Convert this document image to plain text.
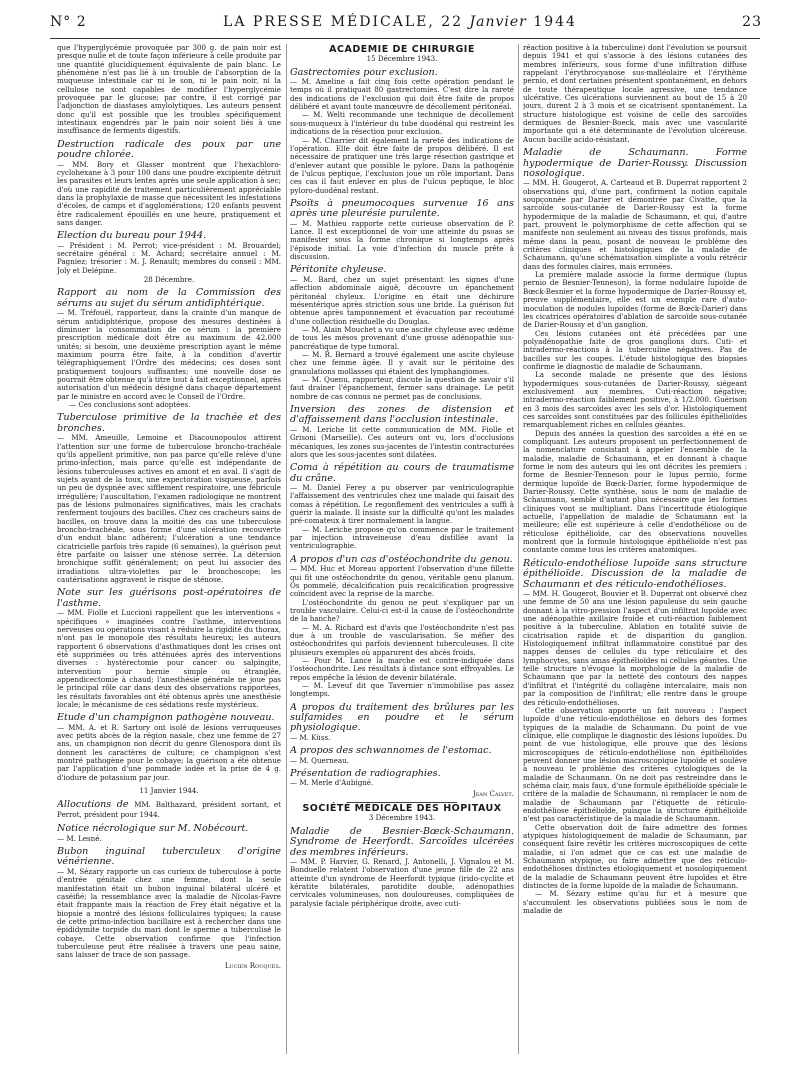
N° 2	LA PRESSE MÉDICALE, 22 Janvier 1944	23

que l'hyperglycémie provoquée par 300 g. de pain noir est presque nulle et de toute façon inférieure à celle produite par une quantité glucidiquement équivalente de pain blanc. Le phénomène n'est pas lié à un trouble de l'absorption de la muqueuse intestinale car ni le son, ni le pain noir, ni la cellulose ne sont capables de modifier l'hyperglycémie provoquée par le glucose; par contre, il est corrigé par l'adjonction de diastases amylolytiques. Les auteurs pensent donc qu'il est possible que les troubles spécifiquement intestinaux engendrés par le pain noir soient liés à une insuffisance de ferments digestifs.

Destruction radicale des poux par une poudre chlorée.

— MM. Bory et Glasser montrent que l'hexachloro-cyclohexane à 3 pour 100 dans une poudre excipiente détruit les parasites et leurs lentes après une seule application à sec; d'où une rapidité de traitement particulièrement appréciable dans la prophylaxie de masse que nécessitent les infestations d'écoles, de camps et d'agglomérations; 120 enfants peuvent être radicalement épouillés en une heure, pratiquement et sans danger.

Election du bureau pour 1944.

— Président : M. Perrot; vice-président : M. Brouardel; secrétaire général : M. Achard; secrétaire annuel : M. Pagniez; trésorier : M. J. Renault; membres du conseil : MM. Joly et Delépine.

28 Décembre.
Rapport au nom de la Commission des sérums au sujet du sérum antidiphtérique.

— M. Tréfouël, rapporteur, dans la crainte d'un manque de sérum antidiphtérique, propose des mesures destinées à diminuer la consommation de ce sérum : la première prescription médicale doit être au maximum de 42.000 unités; si besoin, une deuxième prescription ayant le même maximum pourra être faite, à la condition d'avertir télégraphiquement l'Ordre des médecins; ces doses sont pratiquement toujours suffisantes; une nouvelle dose ne pourrait être obtenue qu'à titre tout à fait exceptionnel, après autorisation d'un médecin désigné dans chaque département par le ministre en accord avec le Conseil de l'Ordre.

— Ces conclusions sont adoptées.

Tuberculose primitive de la trachée et des bronches.

— MM. Ameuille, Lemoine et Diacounopoulos attirent l'attention sur une forme de tuberculose broncho-trachéale qu'ils appellent primitive, non pas parce qu'elle relève d'une primo-infection, mais parce qu'elle est indépendante de lésions tuberculeuses actives en amont et en aval. Il s'agit de sujets ayant de la toux, une expectoration visqueuse, parfois un peu de dyspnée avec sifflement respiratoire, une fébricule irrégulière; l'auscultation, l'examen radiologique ne montrent pas de lésions pulmonaires significatives, mais les crachats renferment toujours des bacilles. Chez ces cracheurs sains de bacilles, on trouve dans la moitié des cas une tuberculose broncho-trachéale, sous forme d'une ulcération recouverte d'un enduit blanc adhérent; l'ulcération a une tendance cicatricielle parfois très rapide (6 semaines), la guérison peut être parfaite ou laisser une sténose serrée. La détersion bronchique suffit généralement; on peut lui associer des irradiations ultra-violettes par le bronchoscope; les cautérisations aggravent le risque de sténose.

Note sur les guérisons post-opératoires de l'asthme.

— MM. Fiolle et Luccioni rappellent que les interventions « spécifiques » imaginées contre l'asthme, interventions nerveuses ou opérations visant à réduire la rigidité du thorax, n'ont pas le monopole des résultats heureux; les auteurs rapportent 6 observations d'asthmatiques dont les crises ont été supprimées ou très atténuées après des interventions diverses : hystérectomie pour cancer ou salpingite, intervention pour hernie simple ou étranglée, appendicectomie à chaud; l'anesthésie générale ne joue pas le principal rôle car dans deux des observations rapportées, les résultats favorables ont été obtenus après une anesthésie locale; le mécanisme de ces sédations reste mystérieux.

Etude d'un champignon pathogène nouveau.

— MM. A. et R. Sartory ont isolé de lésions verruqueuses avec petits abcès de la région nasale, chez une femme de 27 ans, un champignon non décrit du genre Glenospora dont ils donnent les caractères de culture; ce champignon s'est montré pathogène pour le cobaye; la guérison a été obtenue par l'application d'une pommade iodée et la prise de 4 g. d'iodure de potassium par jour.

11 Janvier 1944.
Allocutions de MM. Balthazard, président sortant, et Perrot, président pour 1944.
Notice nécrologique sur M. Nobécourt.

— M. Lesné.

Bubon inguinal tuberculeux d'origine vénérienne.

— M. Sézary rapporte un cas curieux de tuberculose à porte d'entrée génitale chez une femme, dont la seule manifestation était un bubon inguinal bilatéral ulcéré et caséifié; la ressemblance avec la maladie de Nicolas-Favre était frappante mais la réaction de Frey était négative et la biopsie a montré des lésions folliculaires typiques; la cause de cette primo-infection bacillaire est à rechercher dans une épididymite torpide du mari dont le sperme a tuberculisé le cobaye. Cette observation confirme que l'infection tuberculeuse peut être réalisée à travers une peau saine, sans laisser de trace de son passage.

Lucien Rouquès.
ACADÉMIE DE CHIRURGIE
15 Décembre 1943.
Gastrectomies pour exclusion.

— M. Ameline a fait cinq fois cette opération pendant le temps où il pratiquait 80 gastrectomies. C'est dire la rareté des indications de l'exclusion qui doit être faite de propos délibéré et avant toute manœuvre de décollement péritonéal.

— M. Welti recommande une technique de décollement sous-muqueux à l'intérieur du tube duodénal qui restreint les indications de la résection pour exclusion.

— M. Charrier dit également la rareté des indications de l'opération. Elle doit être faite de propos délibéré. Il est nécessaire de pratiquer une très large résection gastrique et d'enlever autant que possible le pylore. Dans la pathogénie de l'ulcus peptique, l'exclusion joue un rôle important. Dans ces cas il faut enlever en plus de l'ulcus peptique, le bloc pyloro-duodénal restant.

Psoïts à pneumocoques survenue 16 ans après une pleurésie purulente.

— M. Mathieu rapporte cette curieuse observation de P. Lance. Il est exceptionnel de voir une atteinte du psoas se manifester sous la forme chronique si longtemps après l'épisode initial. La voie d'infection du muscle prête à discussion.

Péritonite chyleuse.

— M. Bard, chez un sujet présentant les signes d'une affection abdominale aiguë, découvre un épanchement péritonéal chyleux. L'origine en était une déchirure mésentérique après striction sous une bride. La guérison fut obtenue après tamponnement et évacuation par recoutumé d'une collection résiduelle du Douglas.

— M. Alain Mouchet a vu une ascite chyleuse avec œdème de tous les mésos provenant d'une grosse adénopathie sus-pancréatique de type tumoral.

— M. R. Bernard a trouvé également une ascite chyleuse chez une femme âgée. Il y avait sur le péritoine des granulations mollasses qui étaient des lymphangiomes.

— M. Quenu, rapporteur, discute la question de savoir s'il faut drainer l'épanchement, fermer sans drainage. Le petit nombre de cas connus ne permet pas de conclusions.

Inversion des zones de distension et d'affaissement dans l'occlusion intestinale.

— M. Leriche lit cette communication de MM. Fiolle et Grisoni (Marseille). Ces auteurs ont vu, lors d'occlusions mécaniques, les zones sus-jacentes de l'intestin contracturées alors que les sous-jacentes sont dilatées.

Coma à répétition au cours de traumatisme du crâne.

— M. Daniel Ferey a pu observer par ventriculographie l'affaissement des ventricules chez une malade qui faisait des comas à répétition. Le regonflement des ventricules a suffi à guérir la malade. Il insiste sur la difficulté qu'ont les malades pré-comateux à tirer normalement la langue.

— M. Leriche propose qu'on commence par le traitement par injection intraveineuse d'eau distillée avant la ventriculographie.

A propos d'un cas d'ostéochondrite du genou.

— MM. Huc et Moreau apportent l'observation d'une fillette qui fit une ostéochondrite du genou, véritable genu planum. Os pommelé, décalcification puis recalcification progressive coïncident avec la reprise de la marche.

L'ostéochondrite du genou ne peut s'expliquer par un trouble vasculaire. Celui-ci est-il la cause de l'ostéochondrite de la hanche?

— M. A. Richard est d'avis que l'ostéochondrite n'est pas due à un trouble de vascularisation. Se méfier des ostéochondrites qui parfois deviennent tuberculeuses. Il cite plusieurs exemples où apparurent des abcès froids.

— Pour M. Lance la marche est contre-indiquée dans l'ostéochondrite. Les résultats à distance sont effroyables. Le repos empêche la lésion de devenir bilatérale.

— M. Leveuf dit que Tavernier n'immobilise pas assez longtemps.

A propos du traitement des brûlures par les sulfamides en poudre et le sérum physiologique.

— M. Küss.

A propos des schwannomes de l'estomac.

— M. Querneau.

Présentation de radiographies.

— M. Merle d'Aubigné.

Jean Calvet.
SOCIÉTÉ MÉDICALE DES HOPITAUX
3 Décembre 1943.
Maladie de Besnier-Bœck-Schaumann. Syndrome de Heerfordt. Sarcoïdes ulcérées des membres inférieurs.

— MM. P. Harvier, G. Renard, J. Antonelli, J. Vignalou et M. Bonduelle relatent l'observation d'une jeune fille de 22 ans atteinte d'un syndrome de Heerfordt typique (irido-cyclite et kératite bilatérales, parotidite double, adénopathies cervicales volumineuses, non douloureuses, compliquées de paralysie faciale périphérique droite, avec cuti-

réaction positive à la tuberculine) dont l'évolution se poursuit depuis 1941 et qui s'associe à des lésions cutanées des membres inférieurs, sous forme d'une infiltration diffuse rappelant l'érythrocyanose sus-malléolaire et l'érythème pernio, et dont certaines présentent spontanément, en dehors de toute thérapeutique locale agressive, une tendance ulcérative. Ces ulcérations surviennent au bout de 15 à 20 jours, durent 2 à 3 mois et se cicatrisent spontanément. La structure histologique est voisine de celle des sarcoïdes dermiques de Besnier-Boeck, mais avec une vascularité importante qui a été déterminante de l'évolution ulcéreuse. Aucun bacille acido-résistant.

Maladie de Schaumann. Forme hypodermique de Darier-Roussy. Discussion nosologique.

— MM. H. Gougerot, A. Carteaud et B. Duperrat rapportent 2 observations qui, d'une part, confirment la notion capitale soupçonnée par Darier et démontrée par Civatte, que la sarcoïde sous-cutanée de Darier-Roussy est la forme hypodermique de la maladie de Schaumann, et qui, d'autre part, prouvent le polymorphisme de cette affection qui se manifeste non seulement au niveau des tissus profonds, mais même dans la peau, posant de nouveau le problème des critères cliniques et histologiques de la maladie de Schaumann, qu'une schématisation simpliste a voulu rétrécir dans des formules claires, mais erronées.

La première malade associe la forme dermique (lupus pernio de Besnier-Tenneson), la forme nodulaire lupoïde de Bœck-Besnier et la forme hypodermique de Darier-Roussy et, preuve supplémentaire, elle est un exemple rare d'auto-inoculation de nodules lupoïdes (forme de Bœck-Darier) dans les cicatrices opératoires d'ablation de sarcoïde sous-cutanée de Darier-Roussy et d'un ganglion.

Ces lésions cutanées ont été précédées par une polyadénopathie faite de gros ganglions durs. Cuti- et intradermo-réactions à la tuberculine négatives. Pas de bacilles sur les coupes. L'étude histologique des biopsies confirme le diagnostic de maladie de Schaumann.

La seconde malade ne présente que des lésions hypodermiques sous-cutanées de Darier-Roussy, siégeant exclusivement aux membres. Cuti-réaction négative; intradermo-réaction faiblement positive, à 1/2.000. Guérison en 3 mois des sarcoïdes avec les sels d'or. Histologiquement ces sarcoïdes sont constituées par des follicules épithélioïdes remarquablement riches en cellules géantes.

Depuis des années la question des sarcoïdes a été en se compliquant. Les auteurs proposent un perfectionnement de la nomenclature consistant à appeler l'ensemble de la maladie, maladie de Schaumann, et en donnant à chaque forme le nom des auteurs qui les ont décrites les premiers : forme de Besnier-Tenneson pour le lupus pernio, forme dermique lupoïde de Bœck-Darier, forme hypodermique de Darier-Roussy. Cette synthèse, sous le nom de maladie de Schaumann, semble d'autant plus nécessaire que les formes cliniques vont se multipliant. Dans l'incertitude étiologique actuelle, l'appellation de maladie de Schaumann est la meilleure; elle est supérieure à celle d'endothéliose ou de réticulose épithélioïde, car des observations nouvelles montrent que la formule histologique épithélioïde n'est pas constante comme tous les critères anatomiques.

Réticulo-endothéliose lupoïde sans structure épithélioïde. Discussion de la maladie de Schaumann et des réticulo-endothélioses.

— MM. H. Gougerot, Bouvier et B. Duperrat ont observé chez une femme de 50 ans une lésion papuleuse du sein gauche donnant à la vitro-pression l'aspect d'un infiltrat lupoïde avec une adénopathie axillaire froide et cuti-réaction faiblement positive à la tuberculine. Ablation en totalité suivie de cicatrisation rapide et de disparition du ganglion. Histologiquement infiltrat inflammatoire constitué par des nappes denses de cellules du type réticulaire et des lymphocytes, sans amas épithélioïdes ni cellules géantes. Une telle structure n'évoque la morphologie de la maladie de Schaumann que par la netteté des contours des nappes d'infiltrat et l'intégrité du collagène intercalaire, mais non par la composition de l'infiltrat; elle rentre dans le groupe des réticulo-endothélioses.

Cette observation apporte un fait nouveau : l'aspect lupoïde d'une réticulo-endothéliose en dehors des formes typiques de la maladie de Schaumann. Du point de vue clinique, elle complique le diagnostic des lésions lupoïdes. Du point de vue histologique, elle prouve que des lésions microscopiques de réticulo-endothéliose non épithélioïdes peuvent donner une lésion macroscopique lupoïde et soulève à nouveau le problème des critères cytologiques de la maladie de Schaumann. On ne doit pas restreindre dans le schéma clair, mais faux, d'une formule épithélioïde spéciale le critère de la maladie de Schaumann, ni remplacer le nom de maladie de Schaumann par l'étiquette de réticulo-endothéliose épithélioïde, puisque la structure épithélioïde n'est pas caractéristique de la maladie de Schaumann.

Cette observation doit de faire admettre des formes atypiques histologiquement de maladie de Schaumann, par conséquent faire revêtir les critères microscopiques de cette maladie, si l'on admet que ce cas est une maladie de Schaumann atypique, ou faire admettre que des réticulo-endothélioses distinctes étiologiquement et nosologiquement de la maladie de Schaumann peuvent être lupoïdes et être distinctes de la forme lupoïde de la maladie de Schaumann.

— M. Sézary estime qu'au fur et à mesure que s'accumulent les observations publiées sous le nom de maladie de
